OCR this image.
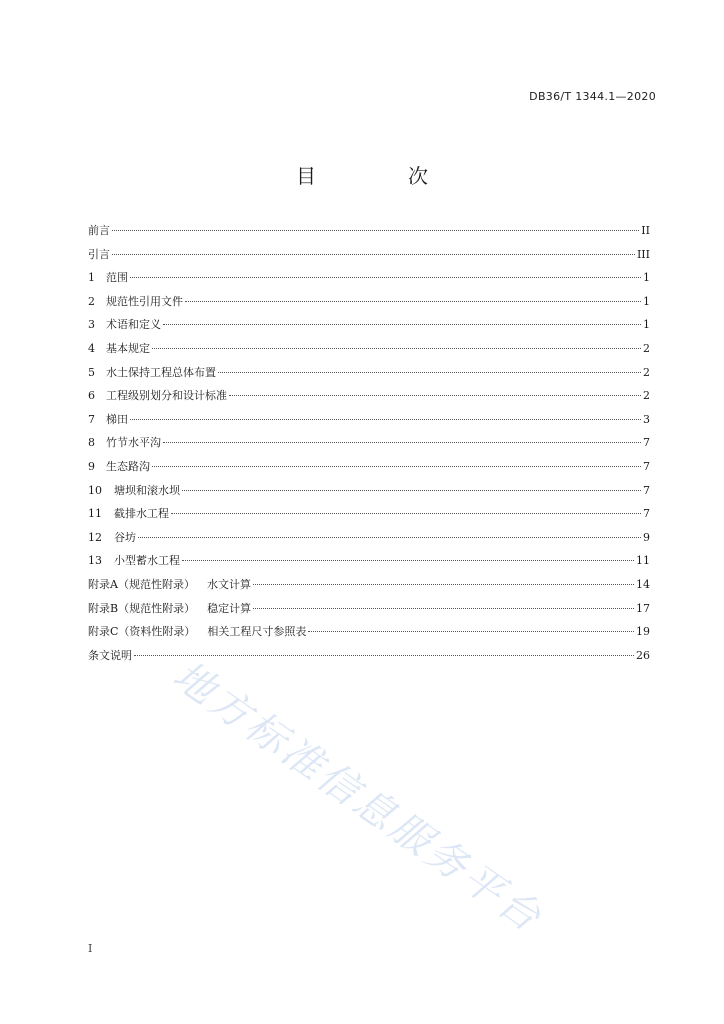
DB36/T 1344.1—2020
目　次
前言	II
引言	III
1 范围	1
2 规范性引用文件	1
3 术语和定义	1
4 基本规定	2
5 水土保持工程总体布置	2
6 工程级别划分和设计标准	2
7 梯田	3
8 竹节水平沟	7
9 生态路沟	7
10 塘坝和滚水坝	7
11 截排水工程	7
12 谷坊	9
13 小型蓄水工程	11
附录A（规范性附录） 水文计算	14
附录B（规范性附录） 稳定计算	17
附录C（资料性附录） 相关工程尺寸参照表	19
条文说明	26
I
地方标准信息服务平台
